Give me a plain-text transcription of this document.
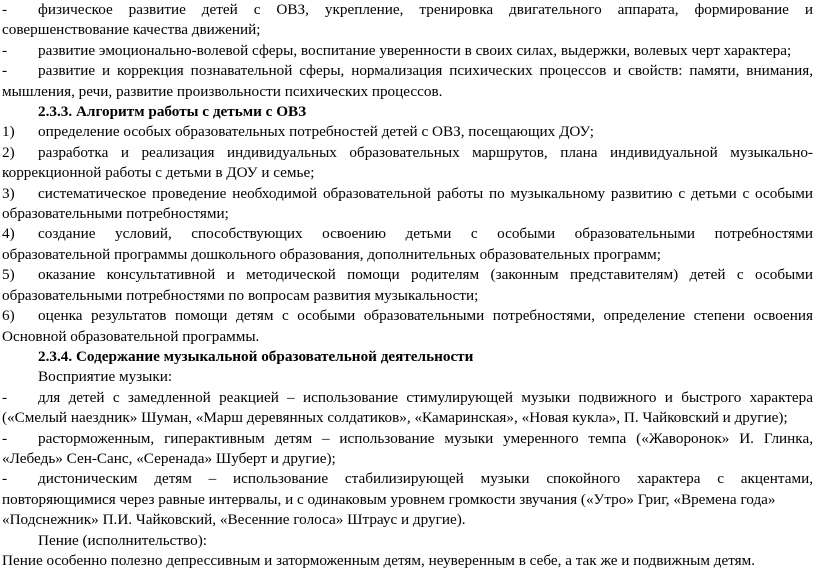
-	физическое развитие детей с ОВЗ, укрепление, тренировка двигательного аппарата, формирование и
совершенствование качества движений;
-	развитие эмоционально-волевой сферы, воспитание уверенности в своих силах, выдержки, волевых черт характера;
-	развитие и коррекция познавательной сферы, нормализация психических процессов и свойств: памяти, внимания,
мышления, речи, развитие произвольности психических процессов.
2.3.3. Алгоритм работы с детьми с ОВЗ
1)	определение особых образовательных потребностей детей с ОВЗ, посещающих ДОУ;
2)	разработка и реализация индивидуальных образовательных маршрутов, плана индивидуальной музыкально-
коррекционной работы с детьми в ДОУ и семье;
3)	систематическое проведение необходимой образовательной работы по музыкальному развитию с детьми с особыми
образовательными потребностями;
4)	создание условий, способствующих освоению детьми с особыми образовательными потребностями
образовательной программы дошкольного образования, дополнительных образовательных программ;
5)	оказание консультативной и методической помощи родителям (законным представителям) детей с особыми
образовательными потребностями по вопросам развития музыкальности;
6)	оценка результатов помощи детям с особыми образовательными потребностями, определение степени освоения
Основной образовательной программы.
2.3.4. Содержание музыкальной образовательной деятельности
Восприятие музыки:
-	для детей с замедленной реакцией – использование стимулирующей музыки подвижного и быстрого характера
(«Смелый наездник» Шуман, «Марш деревянных солдатиков», «Камаринская», «Новая кукла», П. Чайковский и другие);
-	расторможенным, гиперактивным детям – использование музыки умеренного темпа («Жаворонок» И. Глинка,
«Лебедь» Сен-Санс, «Серенада» Шуберт и другие);
-	дистоническим детям – использование стабилизирующей музыки спокойного характера с акцентами,
повторяющимися через равные интервалы, и с одинаковым уровнем громкости звучания («Утро» Григ, «Времена года»
«Подснежник» П.И. Чайковский, «Весенние голоса» Штраус и другие).
Пение (исполнительство):

Пение особенно полезно депрессивным и заторможенным детям, неуверенным в себе, а так же и подвижным детям.
